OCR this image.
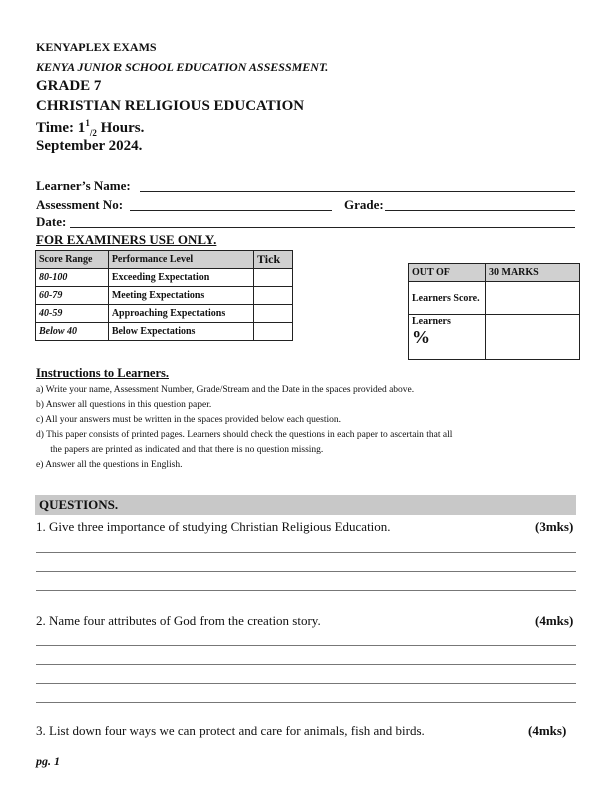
KENYAPLEX EXAMS
KENYA JUNIOR SCHOOL EDUCATION ASSESSMENT.
GRADE 7
CHRISTIAN RELIGIOUS EDUCATION
Time: $1^1_{/2}$ Hours.
September 2024.
Learner’s Name:
Assessment No:	Grade:
Date:
FOR EXAMINERS USE ONLY.
Score Range	Performance Level	Tick
80-100	Exceeding Expectation	
60-79	Meeting Expectations	
40-59	Approaching Expectations	
Below 40	Below Expectations	
OUT OF	30 MARKS
Learners Score.	

Learners
%	

Instructions to Learners.
a) Write your name, Assessment Number, Grade/Stream and the Date in the spaces provided above.
b) Answer all questions in this question paper.
c) All your answers must be written in the spaces provided below each question.
d) This paper consists of printed pages. Learners should check the questions in each paper to ascertain that all
the papers are printed as indicated and that there is no question missing.
e) Answer all the questions in English.
QUESTIONS.
1. Give three importance of studying Christian Religious Education.	(3mks)
2. Name four attributes of God from the creation story.	(4mks)
3. List down four ways we can protect and care for animals, fish and birds.	(4mks)
pg. 1
